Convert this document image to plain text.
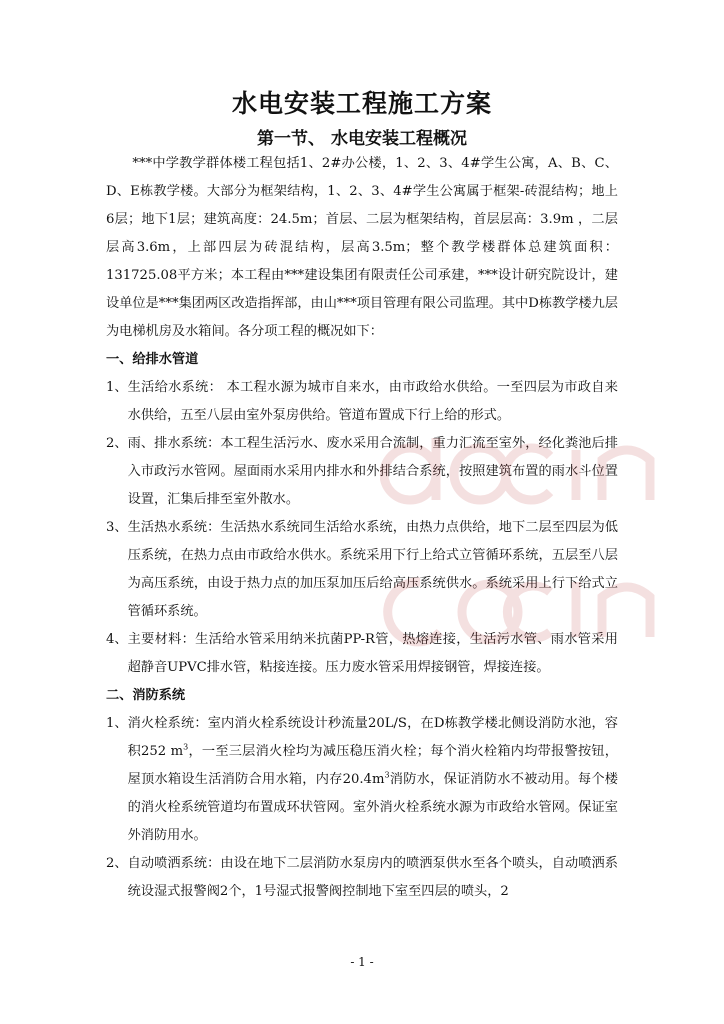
水电安装工程施工方案
第一节、 水电安装工程概况

***中学教学群体楼工程包括1、2#办公楼，1、2、3、4#学生公寓，A、B、C、D、E栋教学楼。大部分为框架结构，1、2、3、4#学生公寓属于框架-砖混结构；地上6层；地下1层；建筑高度：24.5m；首层、二层为框架结构，首层层高：3.9m ，二层层高3.6m，上部四层为砖混结构，层高3.5m；整个教学楼群体总建筑面积：131725.08平方米；本工程由***建设集团有限责任公司承建，***设计研究院设计，建设单位是***集团两区改造指挥部，由山***项目管理有限公司监理。其中D栋教学楼九层为电梯机房及水箱间。各分项工程的概况如下：

一、给排水管道

1、 生活给水系统： 本工程水源为城市自来水，由市政给水供给。一至四层为市政自来水供给，五至八层由室外泵房供给。管道布置成下行上给的形式。
2、 雨、排水系统：本工程生活污水、废水采用合流制，重力汇流至室外，经化粪池后排入市政污水管网。屋面雨水采用内排水和外排结合系统，按照建筑布置的雨水斗位置设置，汇集后排至室外散水。
3、 生活热水系统：生活热水系统同生活给水系统，由热力点供给，地下二层至四层为低压系统，在热力点由市政给水供水。系统采用下行上给式立管循环系统，五层至八层为高压系统，由设于热力点的加压泵加压后给高压系统供水。系统采用上行下给式立管循环系统。
4、 主要材料：生活给水管采用纳米抗菌PP-R管，热熔连接，生活污水管、雨水管采用超静音UPVC排水管，粘接连接。压力废水管采用焊接钢管，焊接连接。

二、消防系统

1、 消火栓系统：室内消火栓系统设计秒流量20L/S，在D栋教学楼北侧设消防水池，容积252 $m^3$，一至三层消火栓均为减压稳压消火栓；每个消火栓箱内均带报警按钮，屋顶水箱设生活消防合用水箱，内存$20.4m^3$消防水，保证消防水不被动用。每个楼的消火栓系统管道均布置成环状管网。室外消火栓系统水源为市政给水管网。保证室外消防用水。
2、 自动喷洒系统：由设在地下二层消防水泵房内的喷洒泵供水至各个喷头，自动喷洒系统设湿式报警阀2个，1号湿式报警阀控制地下室至四层的喷头，2
- 1 -
